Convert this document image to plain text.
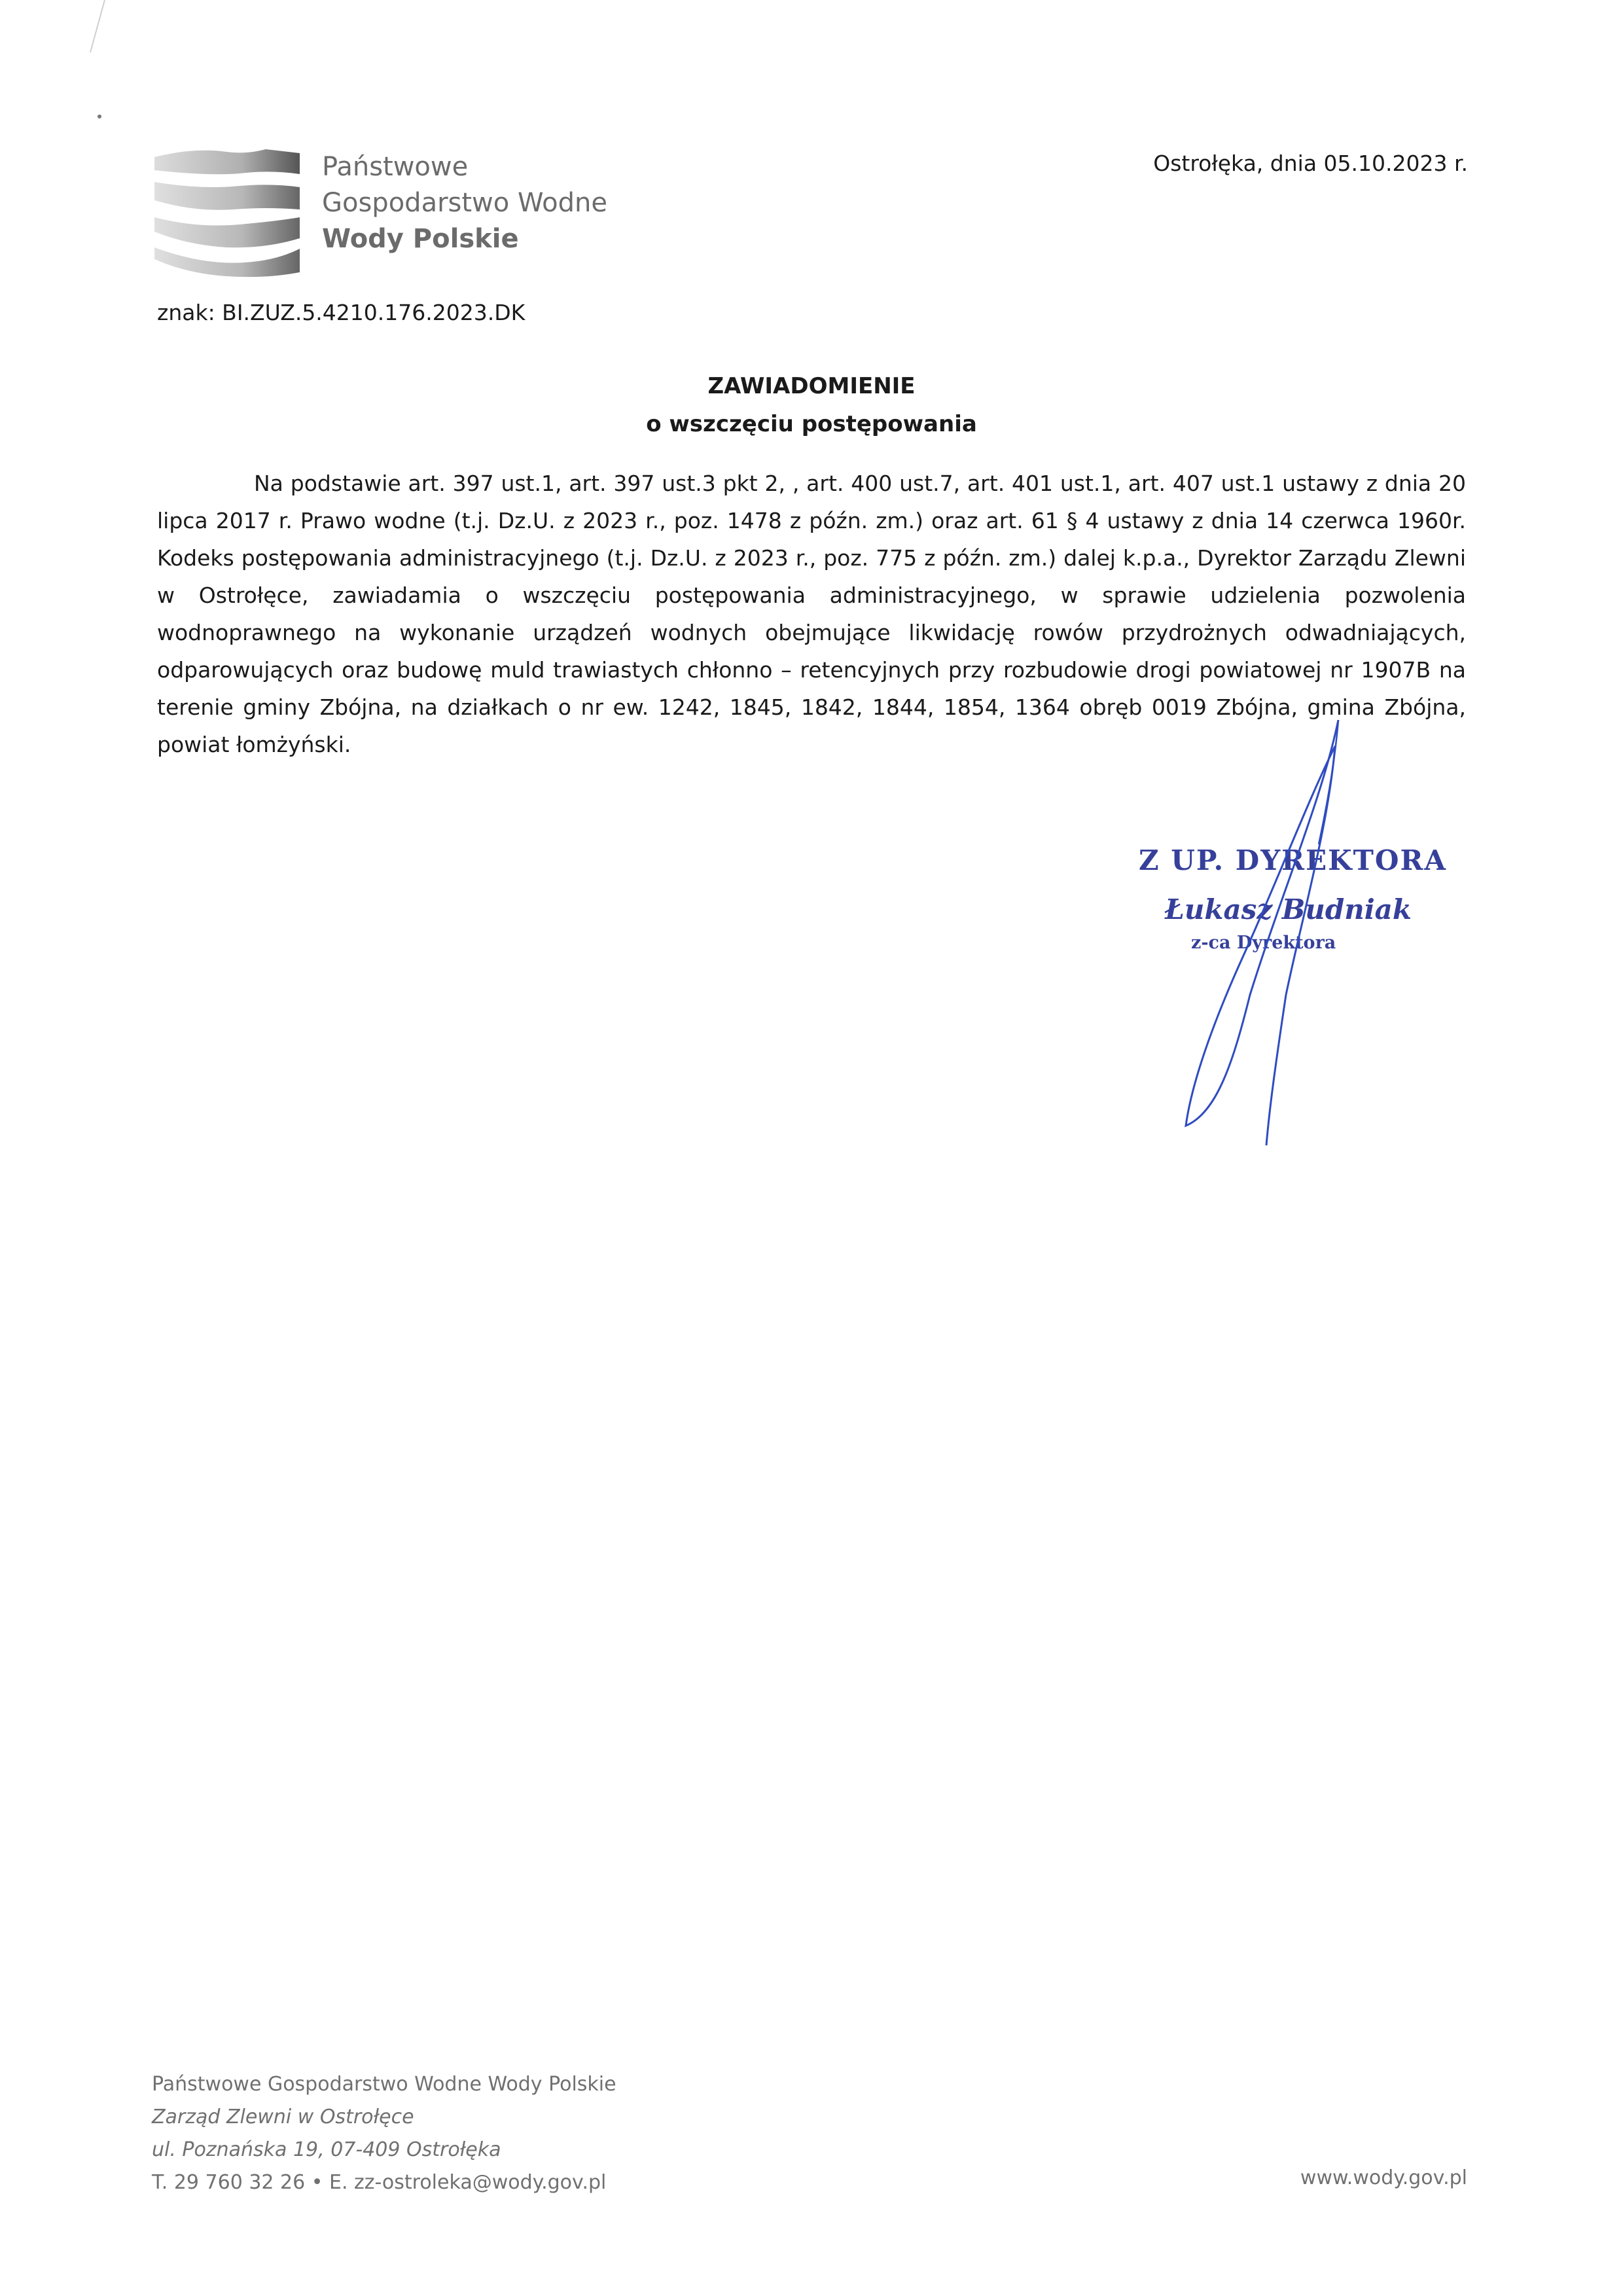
Państwowe
Gospodarstwo Wodne
Wody Polskie
Ostrołęka, dnia 05.10.2023 r.
znak: BI.ZUZ.5.4210.176.2023.DK
ZAWIADOMIENIE
o wszczęciu postępowania
Na podstawie art. 397 ust.1, art. 397 ust.3 pkt 2, , art. 400 ust.7, art. 401 ust.1, art. 407 ust.1 ustawy z dnia 20 lipca 2017 r. Prawo wodne (t.j. Dz.U. z 2023 r., poz. 1478 z późn. zm.) oraz art. 61 § 4 ustawy z dnia 14 czerwca 1960r. Kodeks postępowania administracyjnego (t.j. Dz.U. z 2023 r., poz. 775 z późn. zm.) dalej k.p.a., Dyrektor Zarządu Zlewni w Ostrołęce, zawiadamia o wszczęciu postępowania administracyjnego, w sprawie udzielenia pozwolenia wodnoprawnego na wykonanie urządzeń wodnych obejmujące likwidację rowów przydrożnych odwadniających, odparowujących oraz budowę muld trawiastych chłonno – retencyjnych przy rozbudowie drogi powiatowej nr 1907B na terenie gminy Zbójna, na działkach o nr ew. 1242, 1845, 1842, 1844, 1854, 1364 obręb 0019 Zbójna, gmina Zbójna, powiat łomżyński.
Z UP. DYREKTORA
Łukasz Budniak
z-ca Dyrektora
Państwowe Gospodarstwo Wodne Wody Polskie
Zarząd Zlewni w Ostrołęce
ul. Poznańska 19, 07-409 Ostrołęka
T. 29 760 32 26 • E. zz-ostroleka@wody.gov.pl	www.wody.gov.pl
